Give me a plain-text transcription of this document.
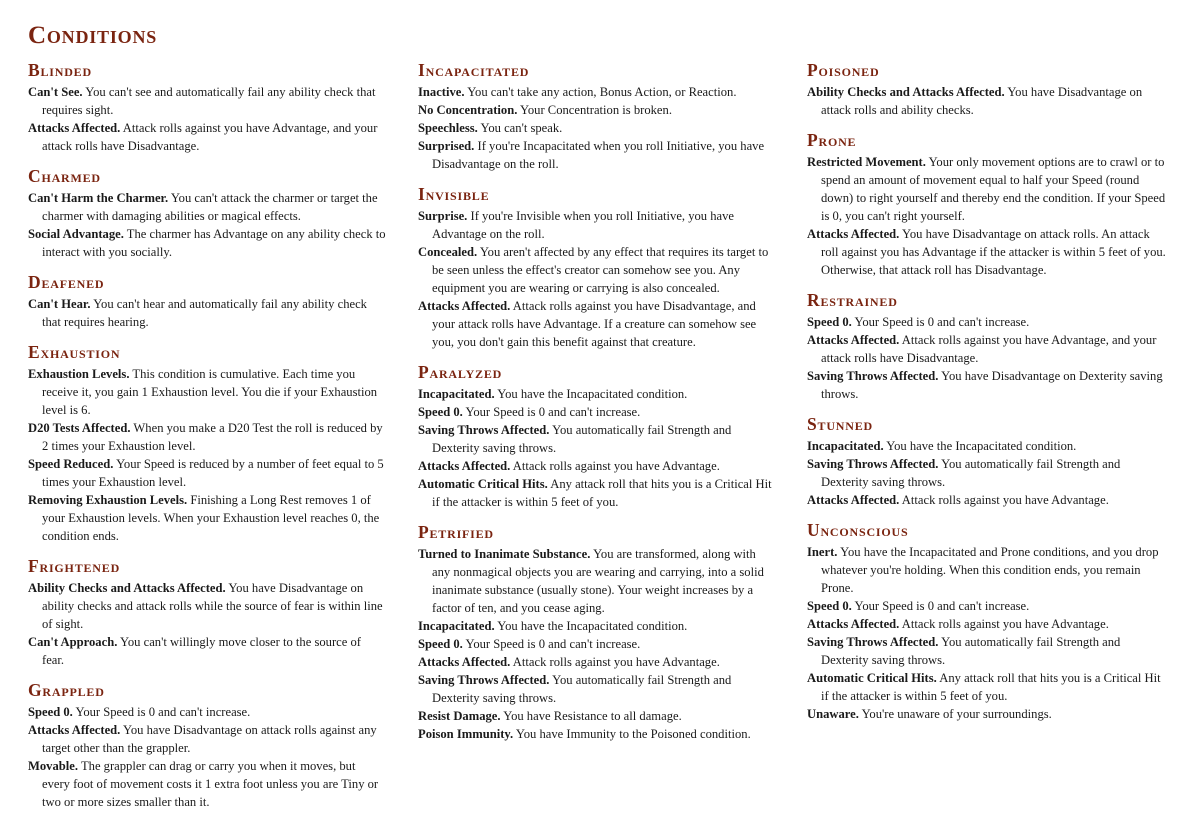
Conditions
Blinded

Can't See. You can't see and automatically fail any ability check that requires sight.

Attacks Affected. Attack rolls against you have Advantage, and your attack rolls have Disadvantage.

Charmed

Can't Harm the Charmer. You can't attack the charmer or target the charmer with damaging abilities or magical effects.

Social Advantage. The charmer has Advantage on any ability check to interact with you socially.

Deafened

Can't Hear. You can't hear and automatically fail any ability check that requires hearing.

Exhaustion

Exhaustion Levels. This condition is cumulative. Each time you receive it, you gain 1 Exhaustion level. You die if your Exhaustion level is 6.

D20 Tests Affected. When you make a D20 Test the roll is reduced by 2 times your Exhaustion level.

Speed Reduced. Your Speed is reduced by a number of feet equal to 5 times your Exhaustion level.

Removing Exhaustion Levels. Finishing a Long Rest removes 1 of your Exhaustion levels. When your Exhaustion level reaches 0, the condition ends.

Frightened

Ability Checks and Attacks Affected. You have Disadvantage on ability checks and attack rolls while the source of fear is within line of sight.

Can't Approach. You can't willingly move closer to the source of fear.

Grappled

Speed 0. Your Speed is 0 and can't increase.

Attacks Affected. You have Disadvantage on attack rolls against any target other than the grappler.

Movable. The grappler can drag or carry you when it moves, but every foot of movement costs it 1 extra foot unless you are Tiny or two or more sizes smaller than it.

Incapacitated

Inactive. You can't take any action, Bonus Action, or Reaction.

No Concentration. Your Concentration is broken.

Speechless. You can't speak.

Surprised. If you're Incapacitated when you roll Initiative, you have Disadvantage on the roll.

Invisible

Surprise. If you're Invisible when you roll Initiative, you have Advantage on the roll.

Concealed. You aren't affected by any effect that requires its target to be seen unless the effect's creator can somehow see you. Any equipment you are wearing or carrying is also concealed.

Attacks Affected. Attack rolls against you have Disadvantage, and your attack rolls have Advantage. If a creature can somehow see you, you don't gain this benefit against that creature.

Paralyzed

Incapacitated. You have the Incapacitated condition.

Speed 0. Your Speed is 0 and can't increase.

Saving Throws Affected. You automatically fail Strength and Dexterity saving throws.

Attacks Affected. Attack rolls against you have Advantage.

Automatic Critical Hits. Any attack roll that hits you is a Critical Hit if the attacker is within 5 feet of you.

Petrified

Turned to Inanimate Substance. You are transformed, along with any nonmagical objects you are wearing and carrying, into a solid inanimate substance (usually stone). Your weight increases by a factor of ten, and you cease aging.

Incapacitated. You have the Incapacitated condition.

Speed 0. Your Speed is 0 and can't increase.

Attacks Affected. Attack rolls against you have Advantage.

Saving Throws Affected. You automatically fail Strength and Dexterity saving throws.

Resist Damage. You have Resistance to all damage.

Poison Immunity. You have Immunity to the Poisoned condition.

Poisoned

Ability Checks and Attacks Affected. You have Disadvantage on attack rolls and ability checks.

Prone

Restricted Movement. Your only movement options are to crawl or to spend an amount of movement equal to half your Speed (round down) to right yourself and thereby end the condition. If your Speed is 0, you can't right yourself.

Attacks Affected. You have Disadvantage on attack rolls. An attack roll against you has Advantage if the attacker is within 5 feet of you. Otherwise, that attack roll has Disadvantage.

Restrained

Speed 0. Your Speed is 0 and can't increase.

Attacks Affected. Attack rolls against you have Advantage, and your attack rolls have Disadvantage.

Saving Throws Affected. You have Disadvantage on Dexterity saving throws.

Stunned

Incapacitated. You have the Incapacitated condition.

Saving Throws Affected. You automatically fail Strength and Dexterity saving throws.

Attacks Affected. Attack rolls against you have Advantage.

Unconscious

Inert. You have the Incapacitated and Prone conditions, and you drop whatever you're holding. When this condition ends, you remain Prone.

Speed 0. Your Speed is 0 and can't increase.

Attacks Affected. Attack rolls against you have Advantage.

Saving Throws Affected. You automatically fail Strength and Dexterity saving throws.

Automatic Critical Hits. Any attack roll that hits you is a Critical Hit if the attacker is within 5 feet of you.

Unaware. You're unaware of your surroundings.
